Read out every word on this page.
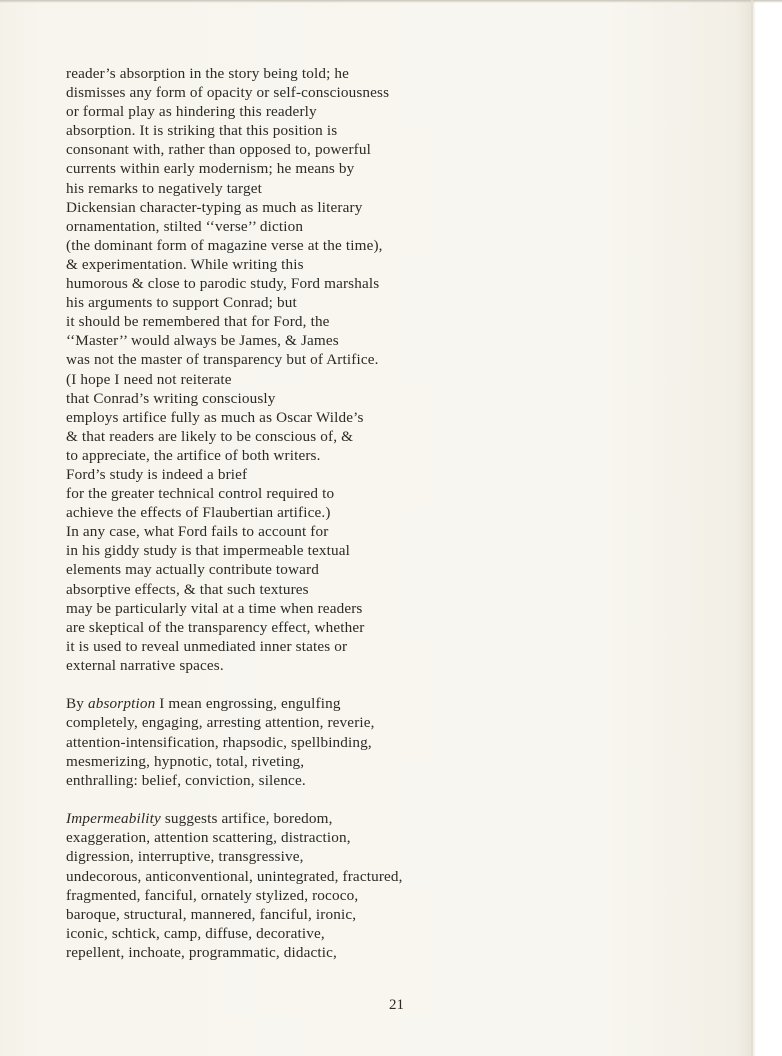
reader’s absorption in the story being told; he
dismisses any form of opacity or self-consciousness
or formal play as hindering this readerly
absorption. It is striking that this position is
consonant with, rather than opposed to, powerful
currents within early modernism; he means by
his remarks to negatively target
Dickensian character-typing as much as literary
ornamentation, stilted ‘‘verse’’ diction
(the dominant form of magazine verse at the time),
& experimentation. While writing this
humorous & close to parodic study, Ford marshals
his arguments to support Conrad; but
it should be remembered that for Ford, the
‘‘Master’’ would always be James, & James
was not the master of transparency but of Artifice.
(I hope I need not reiterate
that Conrad’s writing consciously
employs artifice fully as much as Oscar Wilde’s
& that readers are likely to be conscious of, &
to appreciate, the artifice of both writers.
Ford’s study is indeed a brief
for the greater technical control required to
achieve the effects of Flaubertian artifice.)
In any case, what Ford fails to account for
in his giddy study is that impermeable textual
elements may actually contribute toward
absorptive effects, & that such textures
may be particularly vital at a time when readers
are skeptical of the transparency effect, whether
it is used to reveal unmediated inner states or
external narrative spaces.
By absorption I mean engrossing, engulfing
completely, engaging, arresting attention, reverie,
attention-intensification, rhapsodic, spellbinding,
mesmerizing, hypnotic, total, riveting,
enthralling: belief, conviction, silence.
Impermeability suggests artifice, boredom,
exaggeration, attention scattering, distraction,
digression, interruptive, transgressive,
undecorous, anticonventional, unintegrated, fractured,
fragmented, fanciful, ornately stylized, rococo,
baroque, structural, mannered, fanciful, ironic,
iconic, schtick, camp, diffuse, decorative,
repellent, inchoate, programmatic, didactic,
21
